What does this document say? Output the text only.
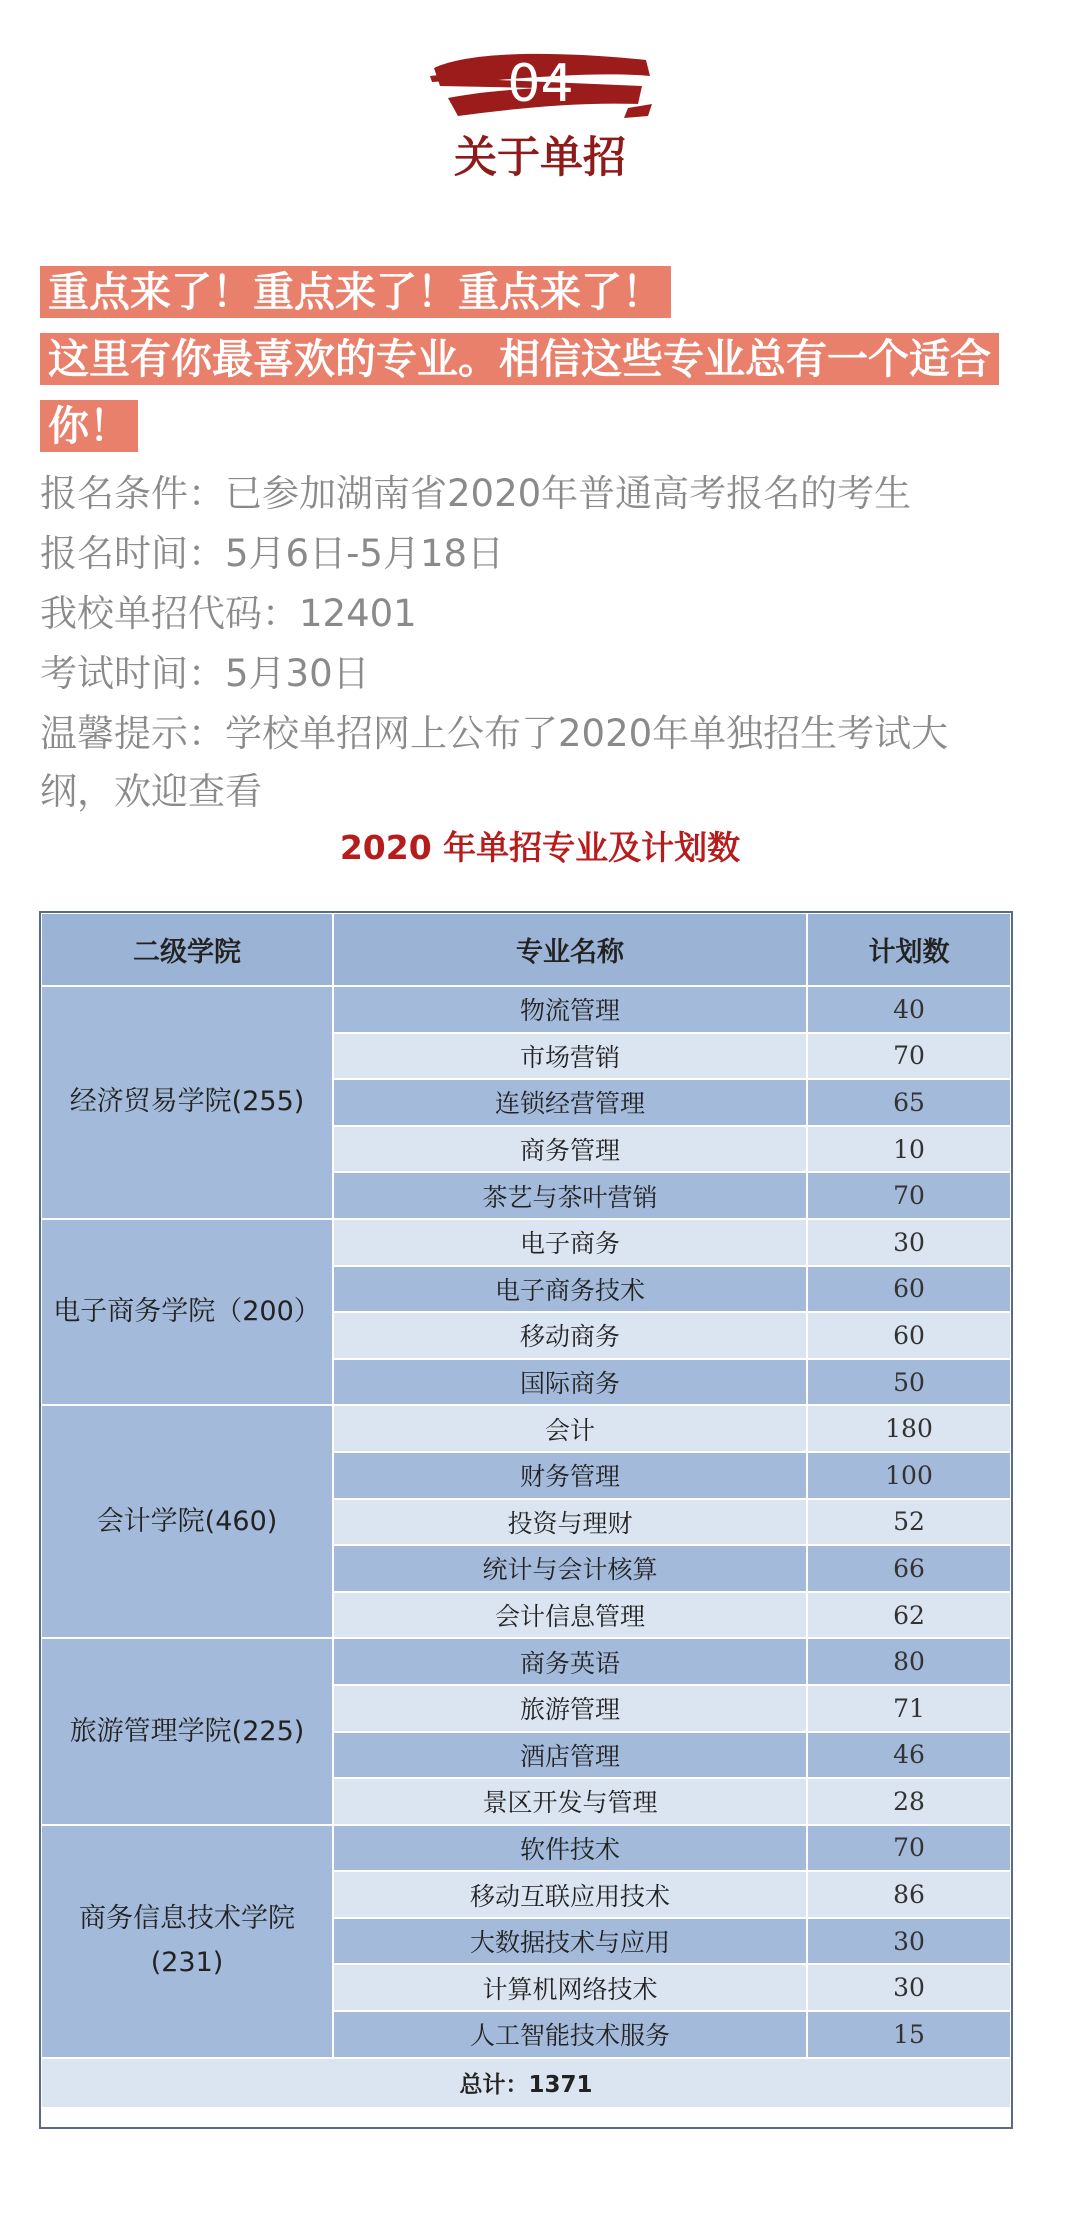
04
关于单招
重点来了！重点来了！重点来了！
这里有你最喜欢的专业。相信这些专业总有一个适合
你！
报名条件：已参加湖南省2020年普通高考报名的考生
报名时间：5月6日-5月18日
我校单招代码：12401
考试时间：5月30日
温馨提示：学校单招网上公布了2020年单独招生考试大
纲，欢迎查看
2020 年单招专业及计划数
二级学院	专业名称	计划数
经济贸易学院(255)	物流管理	40
	市场营销	70
	连锁经营管理	65
	商务管理	10
	茶艺与茶叶营销	70
电子商务学院（200）	电子商务	30
	电子商务技术	60
	移动商务	60
	国际商务	50
会计学院(460)	会计	180
	财务管理	100
	投资与理财	52
	统计与会计核算	66
	会计信息管理	62
旅游管理学院(225)	商务英语	80
	旅游管理	71
	酒店管理	46
	景区开发与管理	28
商务信息技术学院
(231)	软件技术	70
	移动互联应用技术	86
	大数据技术与应用	30
	计算机网络技术	30
	人工智能技术服务	15
总计：1371		
